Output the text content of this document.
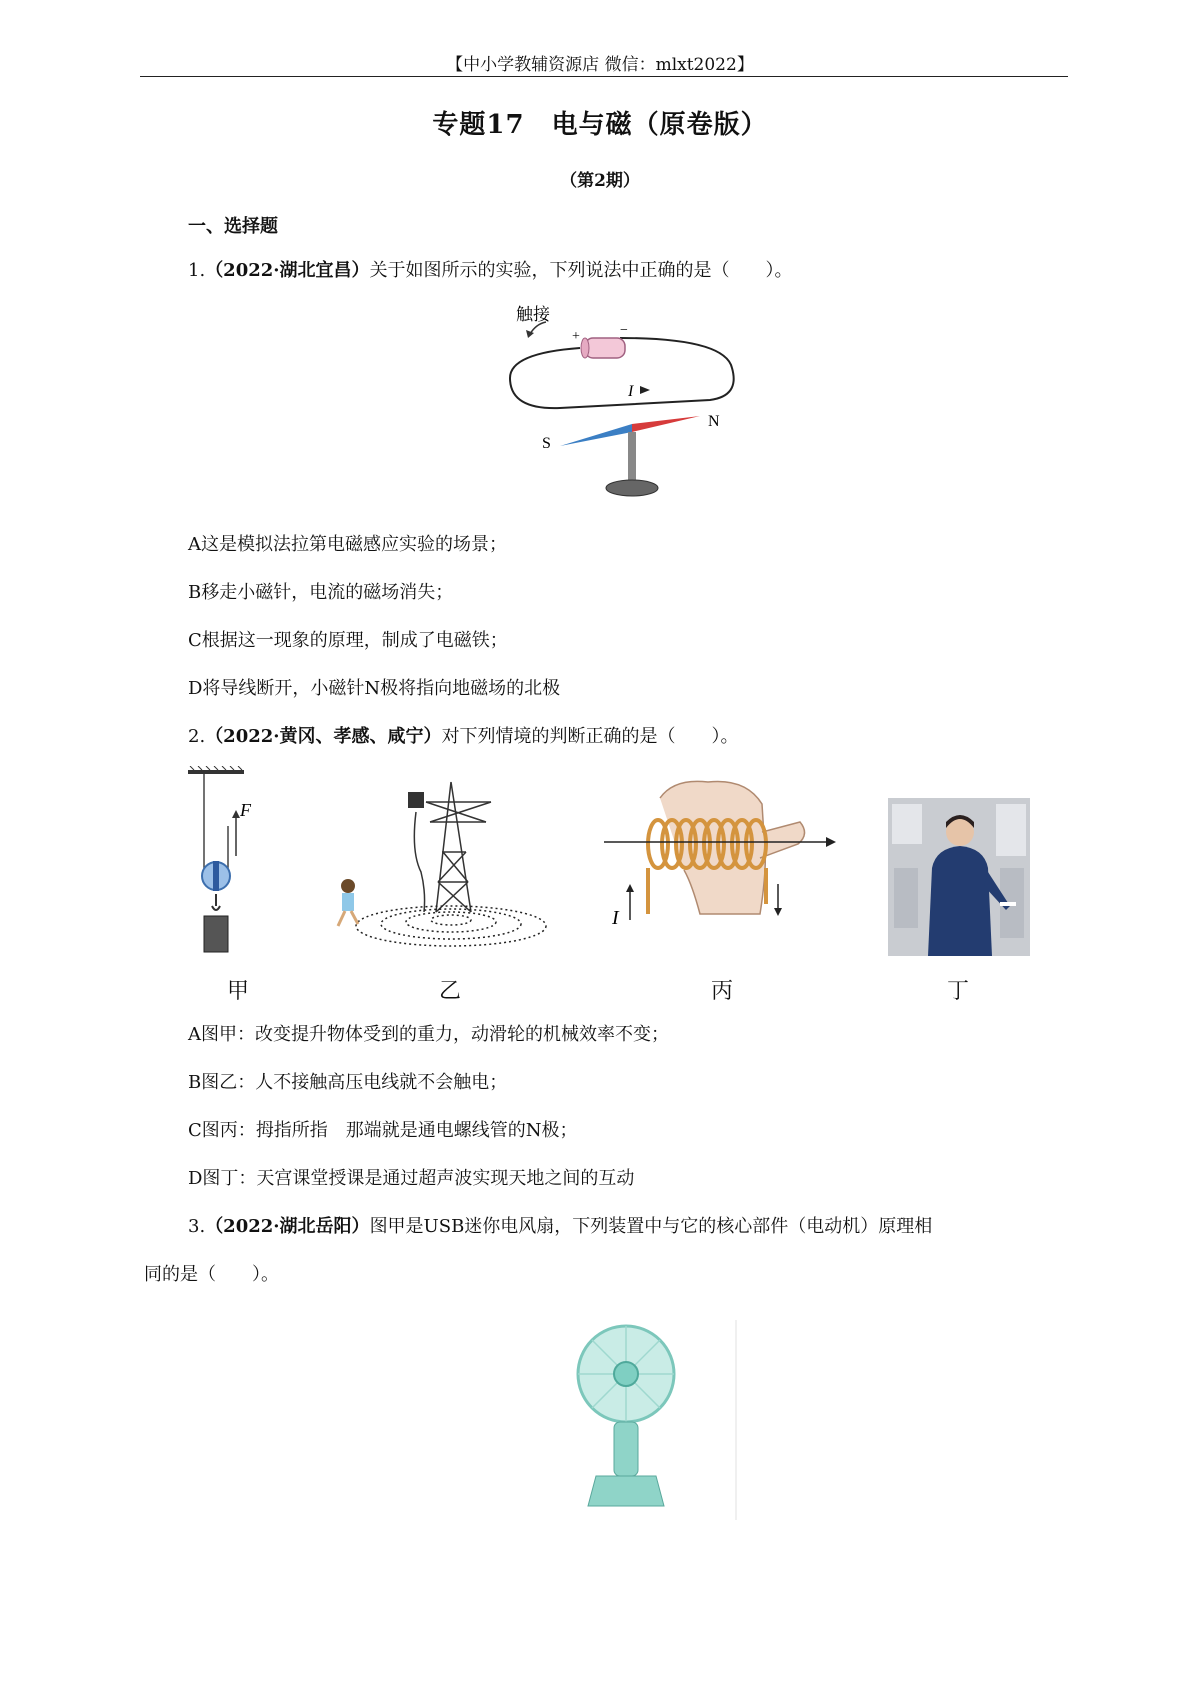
【中小学教辅资源店 微信：mlxt2022】
专题17　电与磁（原卷版）
（第2期）
一、选择题
1.（2022·湖北宜昌）关于如图所示的实验，下列说法中正确的是（　　）。
触接
+	−
I
S
N
A这是模拟法拉第电磁感应实验的场景；
B移走小磁针，电流的磁场消失；
C根据这一现象的原理，制成了电磁铁；
D将导线断开，小磁针N极将指向地磁场的北极
2.（2022·黄冈、孝感、咸宁）对下列情境的判断正确的是（　　）。
F
I
甲	乙	丙	丁
A图甲：改变提升物体受到的重力，动滑轮的机械效率不变；
B图乙：人不接触高压电线就不会触电；
C图丙：拇指所指　那端就是通电螺线管的N极；
D图丁：天宫课堂授课是通过超声波实现天地之间的互动
3.（2022·湖北岳阳）图甲是USB迷你电风扇，下列装置中与它的核心部件（电动机）原理相
同的是（　　）。
